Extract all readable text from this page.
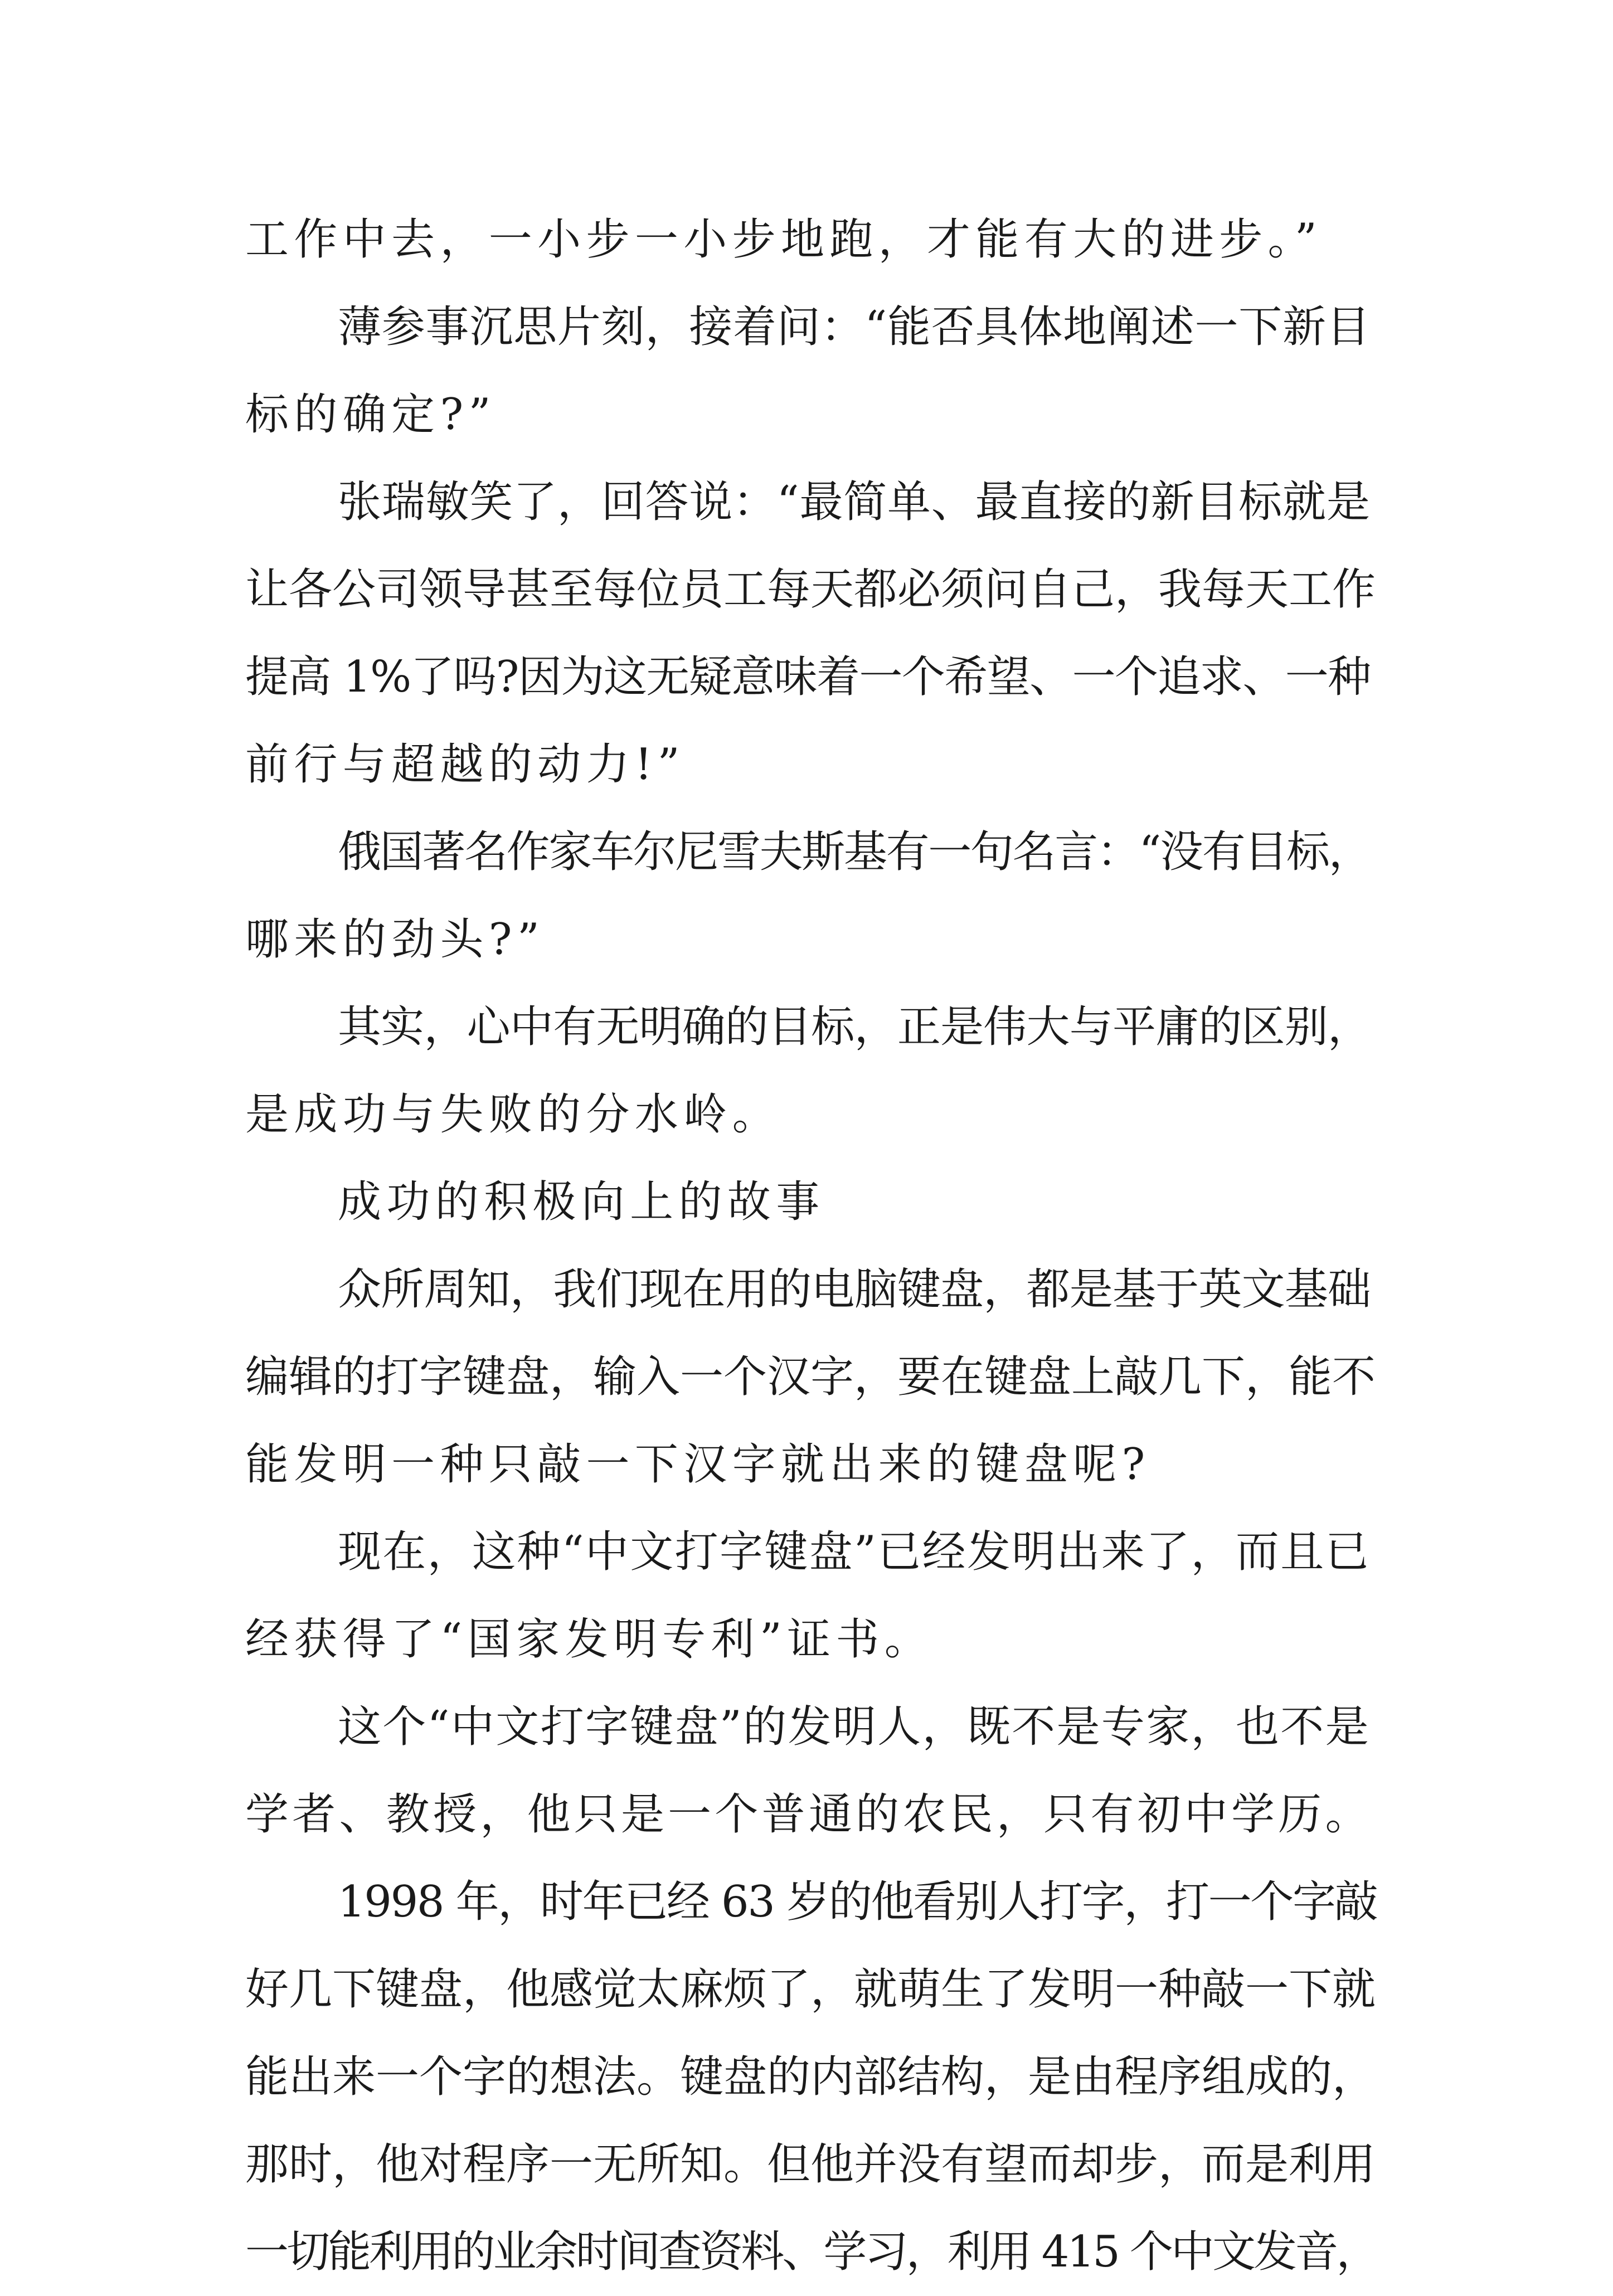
工作中去，一小步一小步地跑，才能有大的进步。”
薄参事沉思片刻，接着问：“能否具体地阐述一下新目
标的确定?”
张瑞敏笑了，回答说：“最简单、最直接的新目标就是
让各公司领导甚至每位员工每天都必须问自己，我每天工作
提高 1%了吗?因为这无疑意味着一个希望、一个追求、一种
前行与超越的动力!”
俄国著名作家车尔尼雪夫斯基有一句名言：“没有目标，
哪来的劲头?”
其实，心中有无明确的目标，正是伟大与平庸的区别，
是成功与失败的分水岭。
成功的积极向上的故事
众所周知，我们现在用的电脑键盘，都是基于英文基础
编辑的打字键盘，输入一个汉字，要在键盘上敲几下，能不
能发明一种只敲一下汉字就出来的键盘呢?
现在，这种“中文打字键盘”已经发明出来了，而且已
经获得了“国家发明专利”证书。
这个“中文打字键盘”的发明人，既不是专家，也不是
学者、教授，他只是一个普通的农民，只有初中学历。
1998 年，时年已经 63 岁的他看别人打字，打一个字敲
好几下键盘，他感觉太麻烦了，就萌生了发明一种敲一下就
能出来一个字的想法。键盘的内部结构，是由程序组成的，
那时，他对程序一无所知。但他并没有望而却步，而是利用
一切能利用的业余时间查资料、学习，利用 415 个中文发音，
